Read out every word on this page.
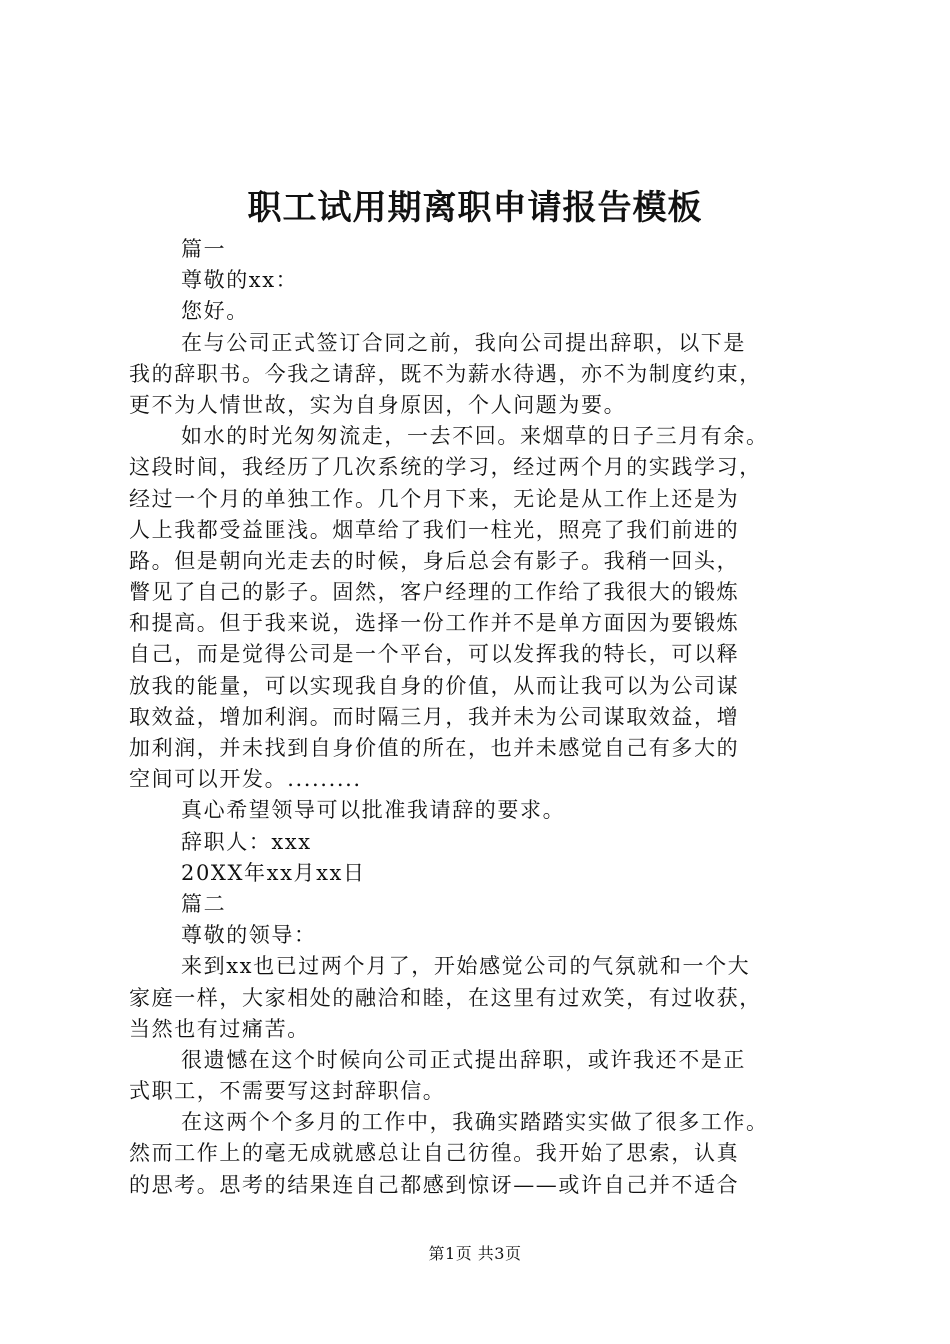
职工试用期离职申请报告模板
篇一
尊敬的xx：
您好。
在与公司正式签订合同之前，我向公司提出辞职，以下是
我的辞职书。今我之请辞，既不为薪水待遇，亦不为制度约束，
更不为人情世故，实为自身原因，个人问题为要。
如水的时光匆匆流走，一去不回。来烟草的日子三月有余。
这段时间，我经历了几次系统的学习，经过两个月的实践学习，
经过一个月的单独工作。几个月下来，无论是从工作上还是为
人上我都受益匪浅。烟草给了我们一柱光，照亮了我们前进的
路。但是朝向光走去的时候，身后总会有影子。我稍一回头，
瞥见了自己的影子。固然，客户经理的工作给了我很大的锻炼
和提高。但于我来说，选择一份工作并不是单方面因为要锻炼
自己，而是觉得公司是一个平台，可以发挥我的特长，可以释
放我的能量，可以实现我自身的价值，从而让我可以为公司谋
取效益，增加利润。而时隔三月，我并未为公司谋取效益，增
加利润，并未找到自身价值的所在，也并未感觉自己有多大的
空间可以开发。.........
真心希望领导可以批准我请辞的要求。
辞职人：xxx
20XX年xx月xx日
篇二
尊敬的领导：
来到xx也已过两个月了，开始感觉公司的气氛就和一个大
家庭一样，大家相处的融洽和睦，在这里有过欢笑，有过收获，
当然也有过痛苦。
很遗憾在这个时候向公司正式提出辞职，或许我还不是正
式职工，不需要写这封辞职信。
在这两个个多月的工作中，我确实踏踏实实做了很多工作。
然而工作上的毫无成就感总让自己彷徨。我开始了思索，认真
的思考。思考的结果连自己都感到惊讶——或许自己并不适合
第1页 共3页
